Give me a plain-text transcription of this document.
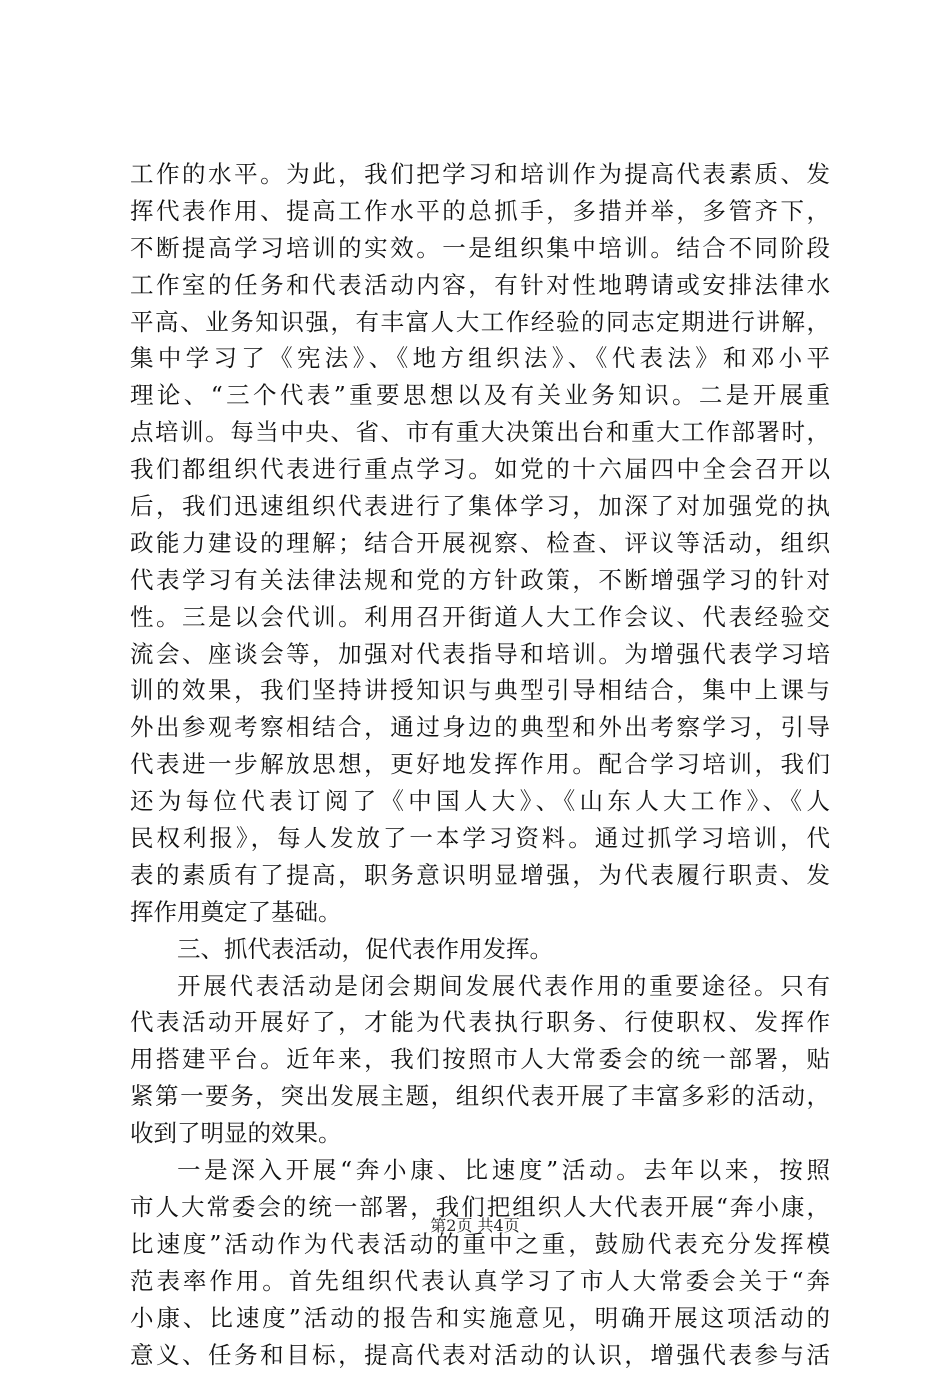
工作的水平。为此，我们把学习和培训作为提高代表素质、发
挥代表作用、提高工作水平的总抓手，多措并举，多管齐下，
不断提高学习培训的实效。一是组织集中培训。结合不同阶段
工作室的任务和代表活动内容，有针对性地聘请或安排法律水
平高、业务知识强，有丰富人大工作经验的同志定期进行讲解，
集中学习了《宪法》、《地方组织法》、《代表法》和邓小平
理论、“三个代表”重要思想以及有关业务知识。二是开展重
点培训。每当中央、省、市有重大决策出台和重大工作部署时，
我们都组织代表进行重点学习。如党的十六届四中全会召开以
后，我们迅速组织代表进行了集体学习，加深了对加强党的执
政能力建设的理解；结合开展视察、检查、评议等活动，组织
代表学习有关法律法规和党的方针政策，不断增强学习的针对
性。三是以会代训。利用召开街道人大工作会议、代表经验交
流会、座谈会等，加强对代表指导和培训。为增强代表学习培
训的效果，我们坚持讲授知识与典型引导相结合，集中上课与
外出参观考察相结合，通过身边的典型和外出考察学习，引导
代表进一步解放思想，更好地发挥作用。配合学习培训，我们
还为每位代表订阅了《中国人大》、《山东人大工作》、《人
民权利报》，每人发放了一本学习资料。通过抓学习培训，代
表的素质有了提高，职务意识明显增强，为代表履行职责、发
挥作用奠定了基础。
三、抓代表活动，促代表作用发挥。
开展代表活动是闭会期间发展代表作用的重要途径。只有
代表活动开展好了，才能为代表执行职务、行使职权、发挥作
用搭建平台。近年来，我们按照市人大常委会的统一部署，贴
紧第一要务，突出发展主题，组织代表开展了丰富多彩的活动，
收到了明显的效果。
一是深入开展“奔小康、比速度”活动。去年以来，按照
市人大常委会的统一部署，我们把组织人大代表开展“奔小康，
比速度”活动作为代表活动的重中之重，鼓励代表充分发挥模
范表率作用。首先组织代表认真学习了市人大常委会关于“奔
小康、比速度”活动的报告和实施意见，明确开展这项活动的
意义、任务和目标，提高代表对活动的认识，增强代表参与活
第2页 共4页
